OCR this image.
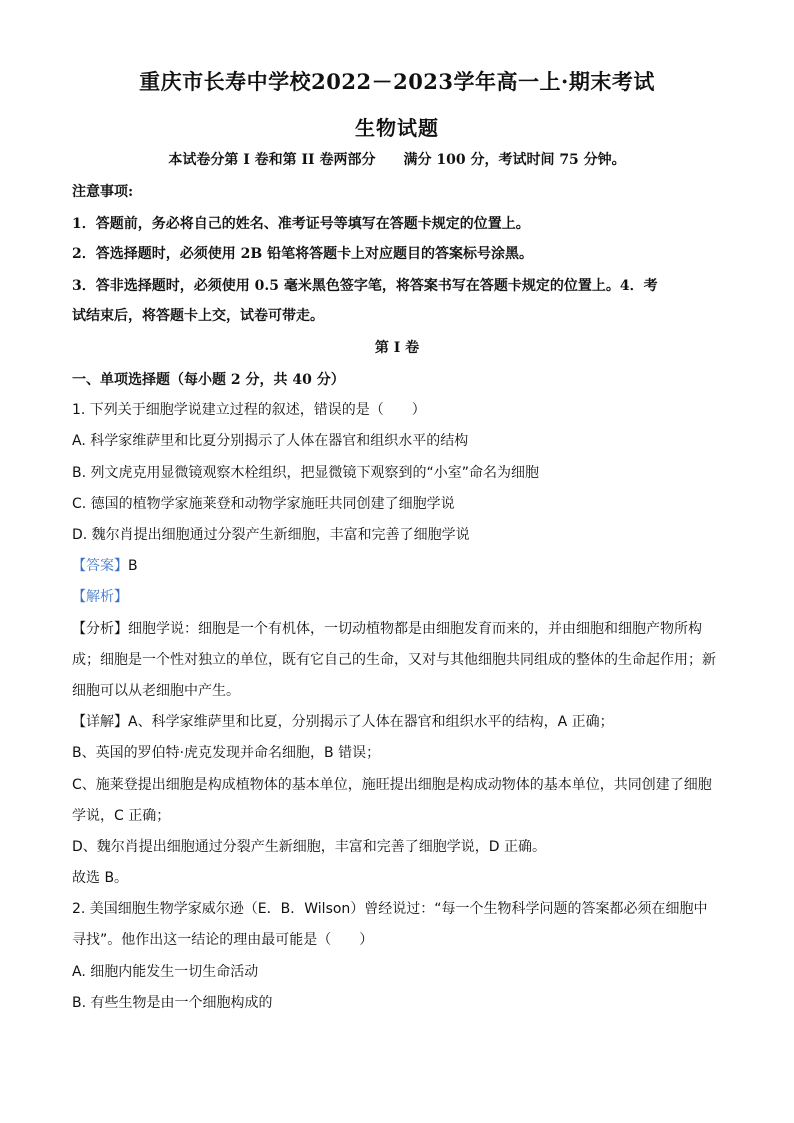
重庆市长寿中学校2022－2023学年高一上·期末考试
生物试题
本试卷分第 I 卷和第 II 卷两部分　　满分 100 分，考试时间 75 分钟。
注意事项:
1．答题前，务必将自己的姓名、准考证号等填写在答题卡规定的位置上。
2．答选择题时，必须使用 2B 铅笔将答题卡上对应题目的答案标号涂黑。
3．答非选择题时，必须使用 0.5 毫米黑色签字笔，将答案书写在答题卡规定的位置上。4．考
试结束后，将答题卡上交，试卷可带走。
第 I 卷
一、单项选择题（每小题 2 分，共 40 分）
1. 下列关于细胞学说建立过程的叙述，错误的是（　　）
A. 科学家维萨里和比夏分别揭示了人体在器官和组织水平的结构
B. 列文虎克用显微镜观察木栓组织，把显微镜下观察到的“小室”命名为细胞
C. 德国的植物学家施莱登和动物学家施旺共同创建了细胞学说
D. 魏尔肖提出细胞通过分裂产生新细胞，丰富和完善了细胞学说
【答案】B
【解析】
【分析】细胞学说：细胞是一个有机体，一切动植物都是由细胞发育而来的，并由细胞和细胞产物所构
成；细胞是一个性对独立的单位，既有它自己的生命，又对与其他细胞共同组成的整体的生命起作用；新
细胞可以从老细胞中产生。
【详解】A、科学家维萨里和比夏，分别揭示了人体在器官和组织水平的结构，A 正确；
B、英国的罗伯特·虎克发现并命名细胞，B 错误；
C、施莱登提出细胞是构成植物体的基本单位，施旺提出细胞是构成动物体的基本单位，共同创建了细胞
学说，C 正确；
D、魏尔肖提出细胞通过分裂产生新细胞，丰富和完善了细胞学说，D 正确。
故选 B。
2. 美国细胞生物学家威尔逊（E．B．Wilson）曾经说过：“每一个生物科学问题的答案都必须在细胞中
寻找”。他作出这一结论的理由最可能是（　　）
A. 细胞内能发生一切生命活动
B. 有些生物是由一个细胞构成的
